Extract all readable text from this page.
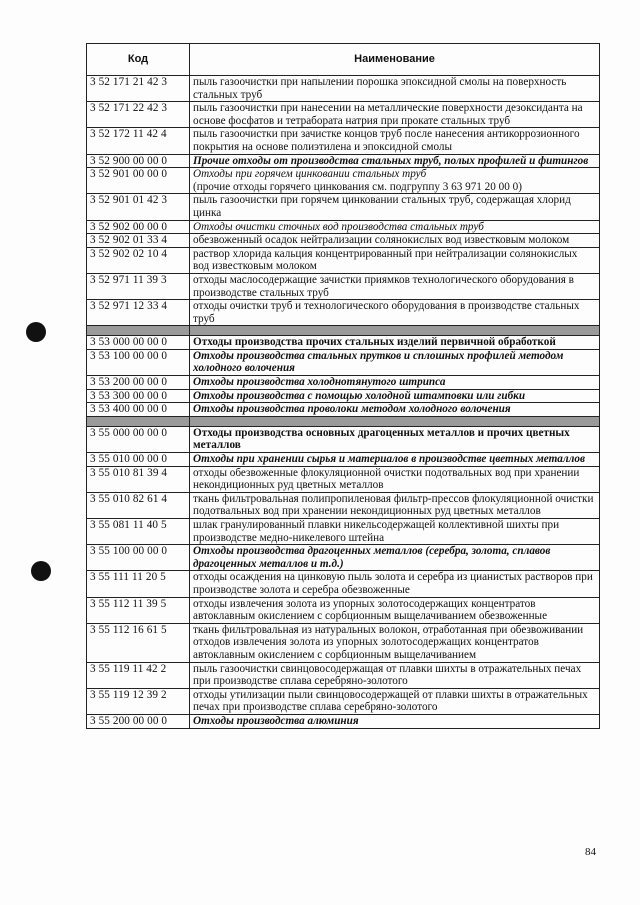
Код	Наименование
3 52 171 21 42 3	пыль газоочистки при напылении порошка эпоксидной смолы на поверхность стальных труб
3 52 171 22 42 3	пыль газоочистки при нанесении на металлические поверхности дезоксиданта на основе фосфатов и тетрабората натрия при прокате стальных труб
3 52 172 11 42 4	пыль газоочистки при зачистке концов труб после нанесения антикоррозионного покрытия на основе полиэтилена и эпоксидной смолы
3 52 900 00 00 0	Прочие отходы от производства стальных труб, полых профилей и фитингов
3 52 901 00 00 0	Отходы при горячем цинковании стальных труб
(прочие отходы горячего цинкования см. подгруппу 3 63 971 20 00 0)

3 52 901 01 42 3	пыль газоочистки при горячем цинковании стальных труб, содержащая хлорид цинка
3 52 902 00 00 0	Отходы очистки сточных вод производства стальных труб
3 52 902 01 33 4	обезвоженный осадок нейтрализации солянокислых вод известковым молоком
3 52 902 02 10 4	раствор хлорида кальция концентрированный при нейтрализации солянокислых вод известковым молоком
3 52 971 11 39 3	отходы маслосодержащие зачистки приямков технологического оборудования в производстве стальных труб
3 52 971 12 33 4	отходы очистки труб и технологического оборудования в производстве стальных труб

3 53 000 00 00 0	Отходы производства прочих стальных изделий первичной обработкой
3 53 100 00 00 0	Отходы производства стальных прутков и сплошных профилей методом холодного волочения
3 53 200 00 00 0	Отходы производства холоднотянутого штрипса
3 53 300 00 00 0	Отходы производства с помощью холодной штамповки или гибки
3 53 400 00 00 0	Отходы производства проволоки методом холодного волочения

3 55 000 00 00 0	Отходы производства основных драгоценных металлов и прочих цветных металлов
3 55 010 00 00 0	Отходы при хранении сырья и материалов в производстве цветных металлов
3 55 010 81 39 4	отходы обезвоженные флокуляционной очистки подотвальных вод при хранении некондиционных руд цветных металлов
3 55 010 82 61 4	ткань фильтровальная полипропиленовая фильтр-прессов флокуляционной очистки подотвальных вод при хранении некондиционных руд цветных металлов
3 55 081 11 40 5	шлак гранулированный плавки никельсодержащей коллективной шихты при производстве медно-никелевого штейна
3 55 100 00 00 0	Отходы производства драгоценных металлов (серебра, золота, сплавов драгоценных металлов и т.д.)
3 55 111 11 20 5	отходы осаждения на цинковую пыль золота и серебра из цианистых растворов при производстве золота и серебра обезвоженные
3 55 112 11 39 5	отходы извлечения золота из упорных золотосодержащих концентратов автоклавным окислением с сорбционным выщелачиванием обезвоженные
3 55 112 16 61 5	ткань фильтровальная из натуральных волокон, отработанная при обезвоживании отходов извлечения золота из упорных золотосодержащих концентратов автоклавным окислением с сорбционным выщелачиванием
3 55 119 11 42 2	пыль газоочистки свинцовосодержащая от плавки шихты в отражательных печах при производстве сплава серебряно-золотого
3 55 119 12 39 2	отходы утилизации пыли свинцовосодержащей от плавки шихты в отражательных печах при производстве сплава серебряно-золотого
3 55 200 00 00 0	Отходы производства алюминия
84
